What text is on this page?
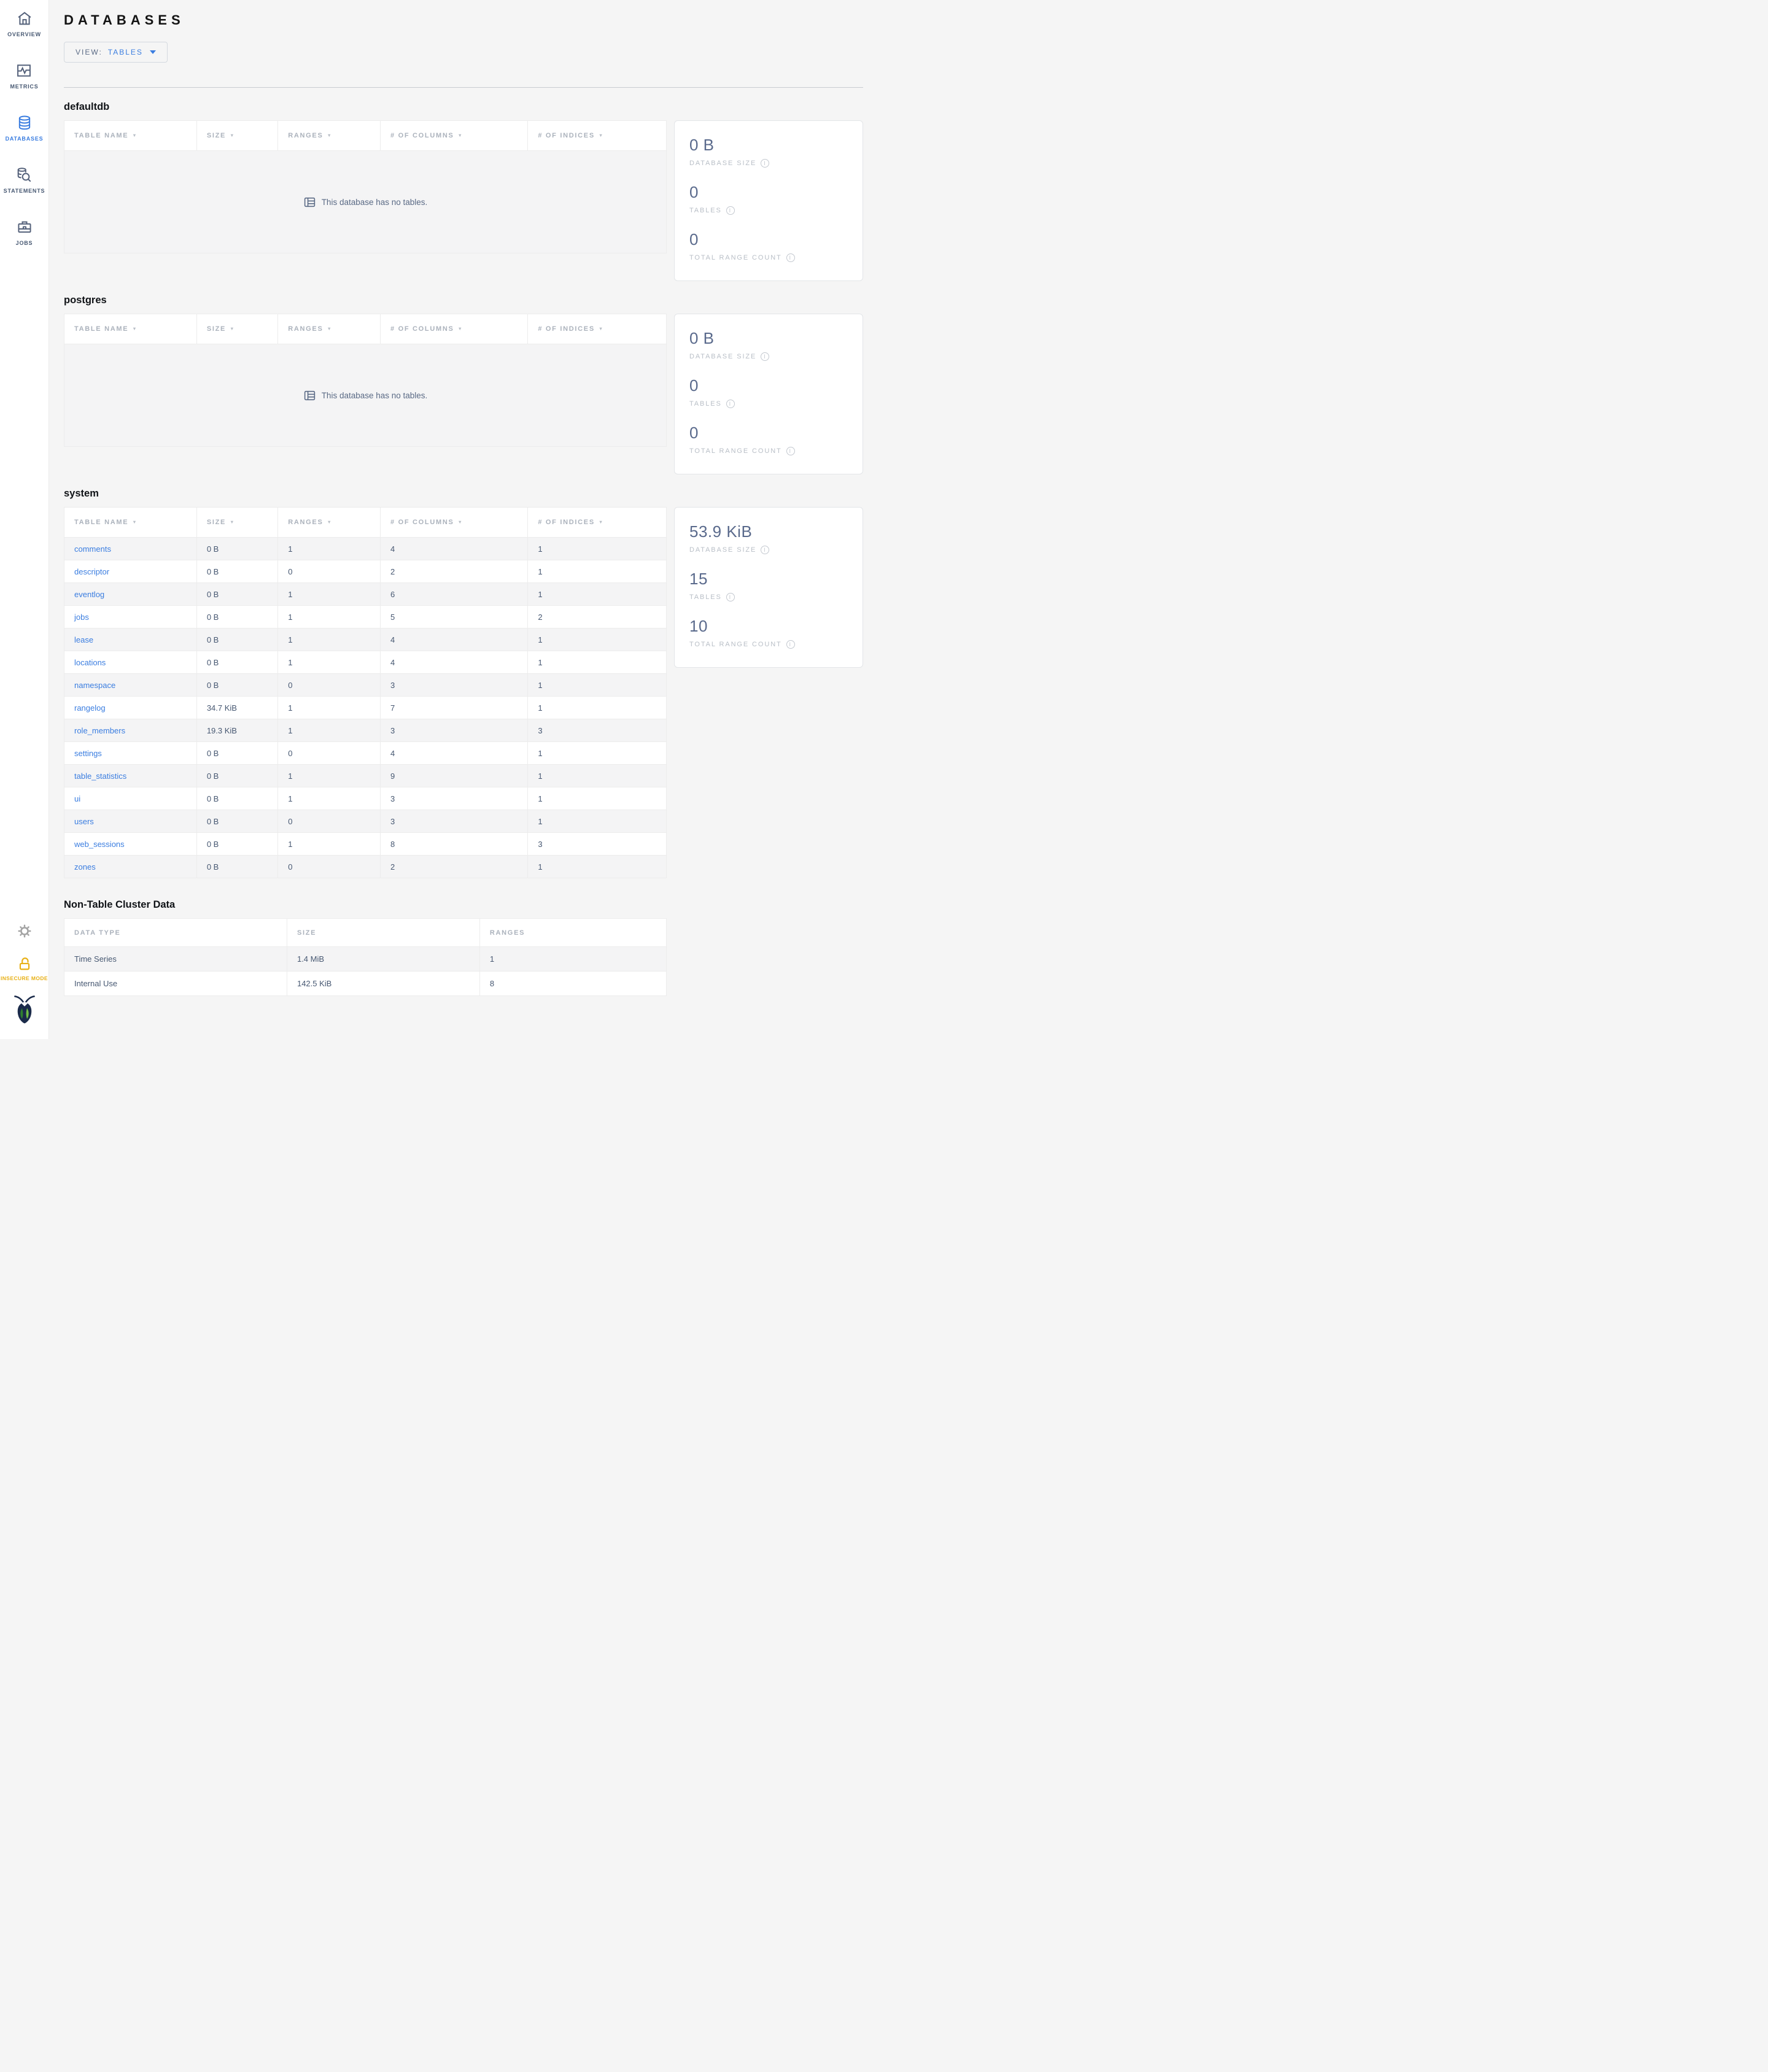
OVERVIEW
METRICS
DATABASES
STATEMENTS
JOBS
INSECURE MODE
DATABASES
VIEW: TABLES
defaultdb
TABLE NAME ▼	SIZE ▼	RANGES ▼	# OF COLUMNS ▼	# OF INDICES ▼
This database has no tables.
0 B
DATABASE SIZE	I
0
TABLES	I
0
TOTAL RANGE COUNT	I
postgres
TABLE NAME ▼	SIZE ▼	RANGES ▼	# OF COLUMNS ▼	# OF INDICES ▼
This database has no tables.
0 B
DATABASE SIZE	I
0
TABLES	I
0
TOTAL RANGE COUNT	I
system
TABLE NAME ▼	SIZE ▼	RANGES ▼	# OF COLUMNS ▼	# OF INDICES ▼
comments	0 B	1	4	1
descriptor	0 B	0	2	1
eventlog	0 B	1	6	1
jobs	0 B	1	5	2
lease	0 B	1	4	1
locations	0 B	1	4	1
namespace	0 B	0	3	1
rangelog	34.7 KiB	1	7	1
role_members	19.3 KiB	1	3	3
settings	0 B	0	4	1
table_statistics	0 B	1	9	1
ui	0 B	1	3	1
users	0 B	0	3	1
web_sessions	0 B	1	8	3
zones	0 B	0	2	1
53.9 KiB
DATABASE SIZE	I
15
TABLES	I
10
TOTAL RANGE COUNT	I
Non-Table Cluster Data
DATA TYPE	SIZE	RANGES
Time Series	1.4 MiB	1
Internal Use	142.5 KiB	8
